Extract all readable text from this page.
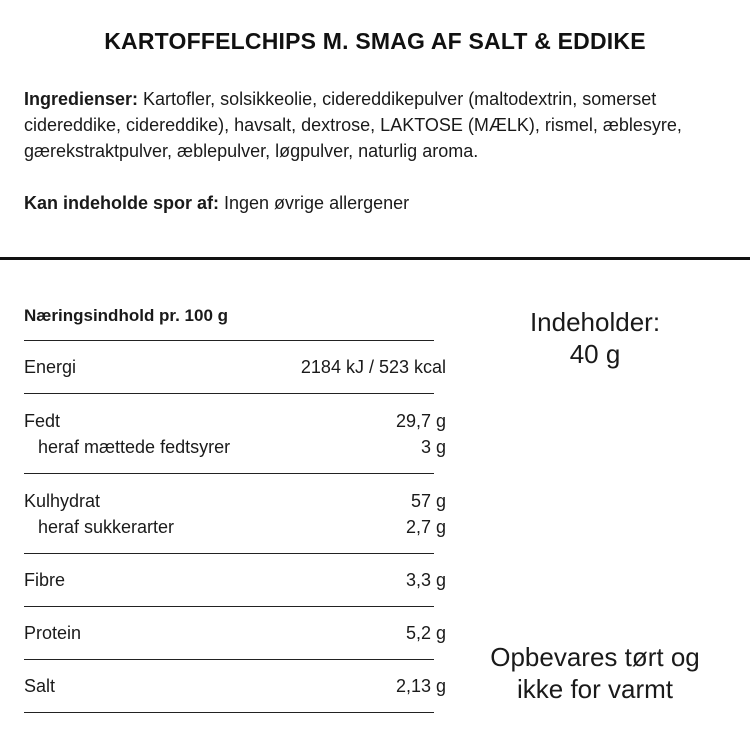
KARTOFFELCHIPS M. SMAG AF SALT & EDDIKE

Ingredienser: Kartofler, solsikkeolie, cidereddikepulver (maltodextrin, somerset cidereddike, cidereddike), havsalt, dextrose, LAKTOSE (MÆLK), rismel, æblesyre, gærekstraktpulver, æblepulver, løgpulver, naturlig aroma.

Kan indeholde spor af: Ingen øvrige allergener

Næringsindhold pr. 100 g
Energi	2184 kJ / 523 kcal
Fedt	29,7 g
heraf mættede fedtsyrer	3 g
Kulhydrat	57 g
heraf sukkerarter	2,7 g
Fibre	3,3 g
Protein	5,2 g
Salt	2,13 g
Indeholder:
40 g
Opbevares tørt og
ikke for varmt
